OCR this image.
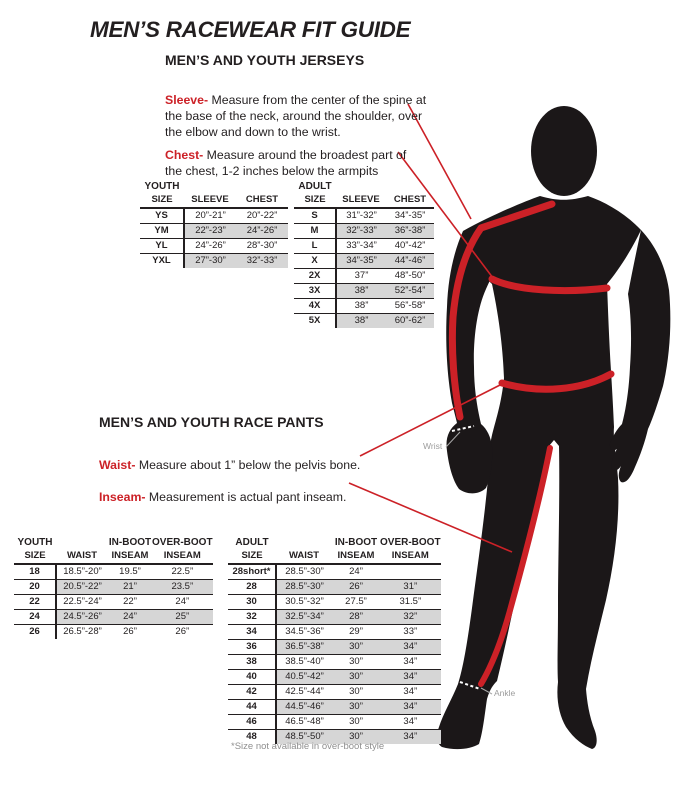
MEN’S RACEWEAR FIT GUIDE
MEN’S AND YOUTH JERSEYS

Sleeve- Measure from the center of the spine at the base of the neck, around the shoulder, over the elbow and down to the wrist.

Chest- Measure around the broadest part of the chest, 1-2 inches below the armpits

YOUTH		
SIZE	SLEEVE	CHEST
YS	20”-21”	20”-22”
YM	22”-23”	24”-26”
YL	24”-26”	28”-30”
YXL	27”-30”	32”-33”
ADULT		
SIZE	SLEEVE	CHEST
S	31”-32”	34”-35”
M	32”-33”	36”-38”
L	33”-34”	40”-42”
X	34”-35”	44”-46”
2X	37”	48”-50”
3X	38”	52”-54”
4X	38”	56”-58”
5X	38”	60”-62”
MEN’S AND YOUTH RACE PANTS

Waist- Measure about 1” below the pelvis bone.

Inseam- Measurement is actual pant inseam.

YOUTH		IN-BOOT	OVER-BOOT
SIZE	WAIST	INSEAM	INSEAM
18	18.5”-20”	19.5”	22.5”
20	20.5”-22”	21”	23.5”
22	22.5”-24”	22”	24”
24	24.5”-26”	24”	25”
26	26.5”-28”	26”	26”
ADULT		IN-BOOT	OVER-BOOT
SIZE	WAIST	INSEAM	INSEAM
28short*	28.5”-30”	24”	
28	28.5”-30”	26”	31”
30	30.5”-32”	27.5”	31.5”
32	32.5”-34”	28”	32”
34	34.5”-36”	29”	33”
36	36.5”-38”	30”	34”
38	38.5”-40”	30”	34”
40	40.5”-42”	30”	34”
42	42.5”-44”	30”	34”
44	44.5”-46”	30”	34”
46	46.5”-48”	30”	34”
48	48.5”-50”	30”	34”
*Size not available in over-boot style
Wrist
Ankle
